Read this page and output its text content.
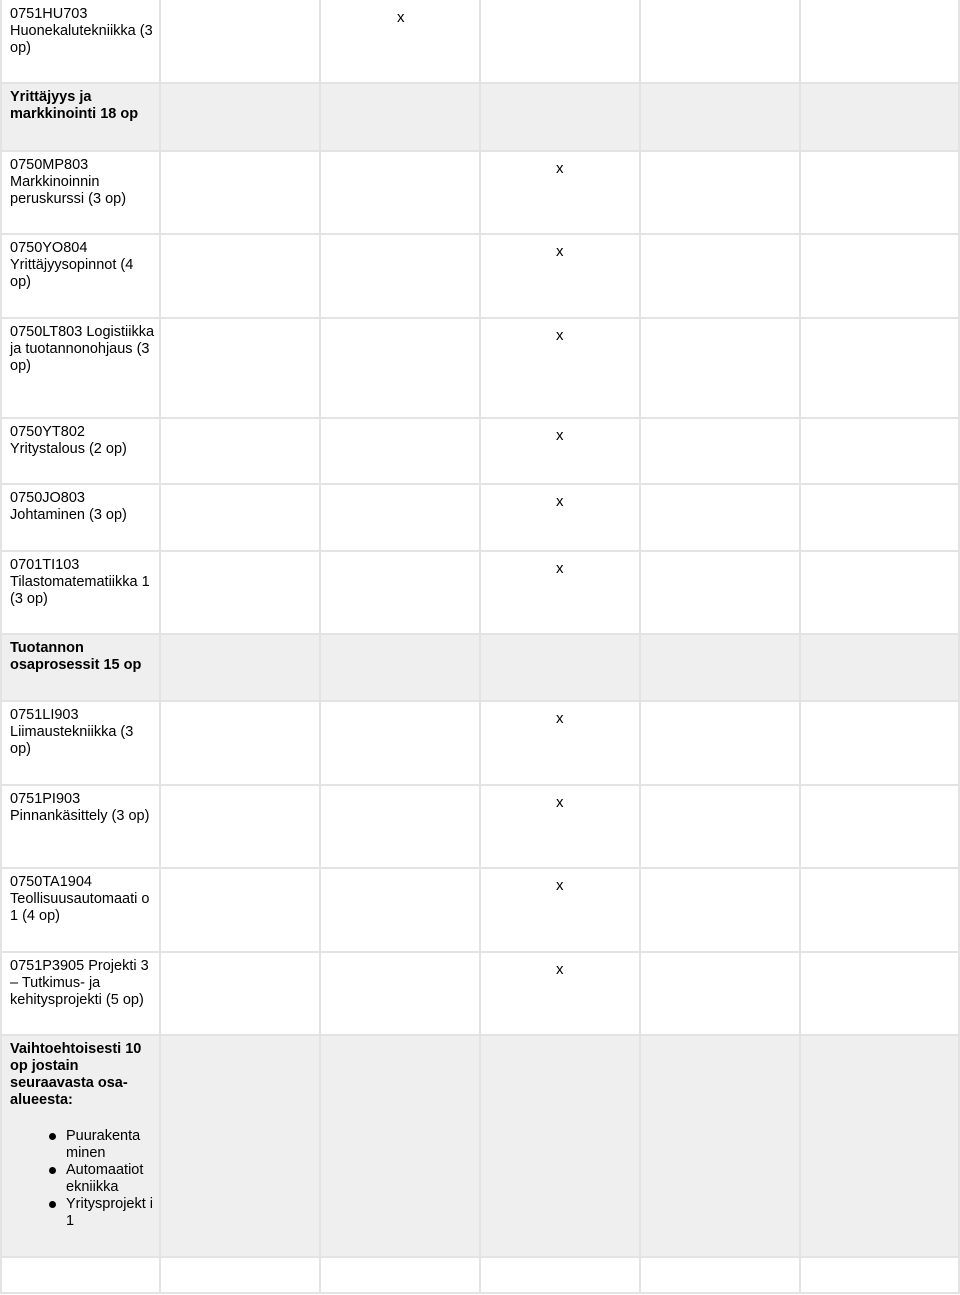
0751HU703 Huonekalutekniikka (3 op)
x
Yrittäjyys ja markkinointi 18 op
0750MP803 Markkinoinnin peruskurssi (3 op)
x
0750YO804 Yrittäjyysopinnot (4 op)
x
0750LT803 Logistiikka ja tuotannonohjaus (3 op)
x
0750YT802 Yritystalous (2 op)
x
0750JO803 Johtaminen (3 op)
x
0701TI103 Tilastomatematiikka 1 (3 op)
x
Tuotannon osaprosessit 15 op
0751LI903 Liimaustekniikka (3 op)
x
0751PI903 Pinnankäsittely (3 op)
x
0750TA1904 Teollisuusautomaati o 1 (4 op)
x
0751P3905 Projekti 3 – Tutkimus- ja kehitysprojekti (5 op)
x
Vaihtoehtoisesti 10 op jostain seuraavasta osa-alueesta:
Puurakenta minen
Automaatiot ekniikka
Yritysprojekt i 1
